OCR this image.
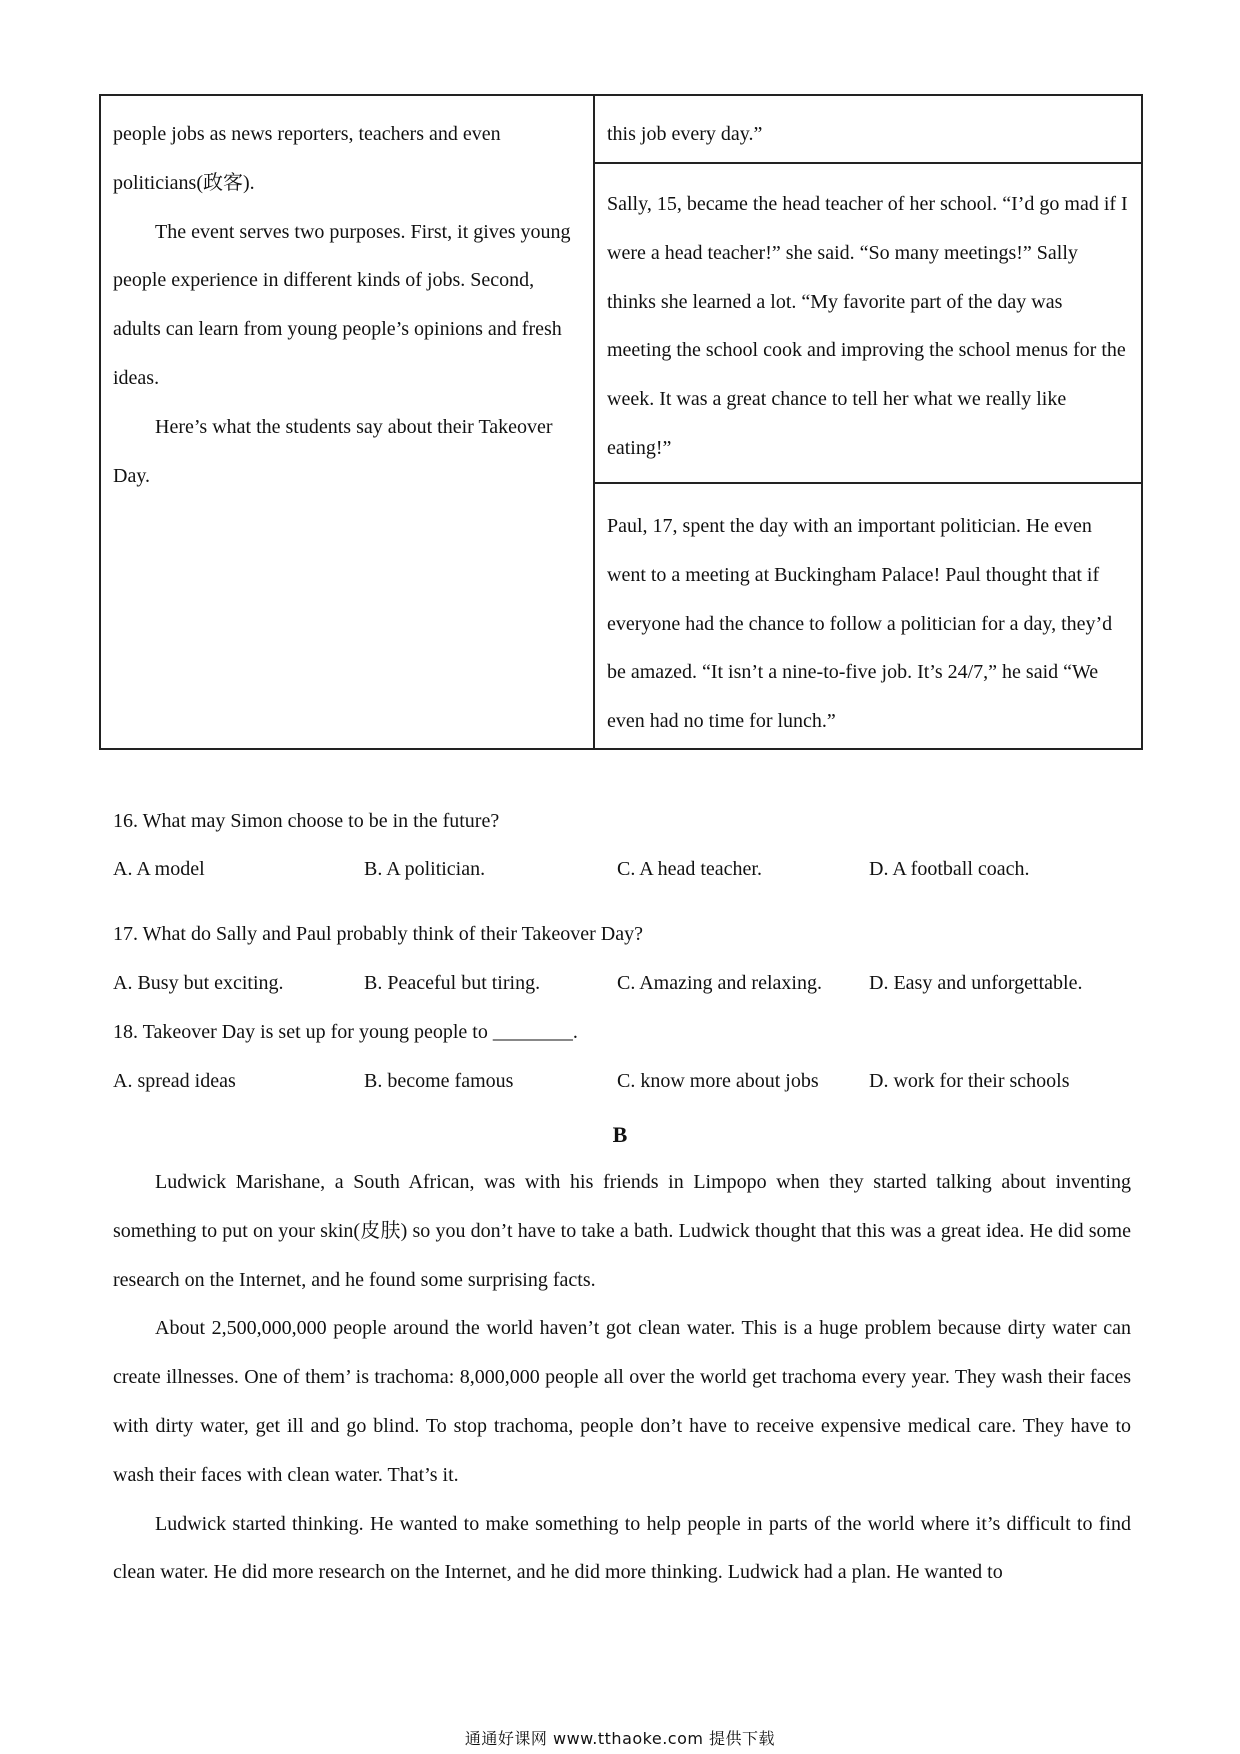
people jobs as news reporters, teachers and even politicians(政客).

The event serves two purposes. First, it gives young people experience in different kinds of jobs. Second, adults can learn from young people’s opinions and fresh ideas.

Here’s what the students say about their Takeover Day.

this job every day.”

Sally, 15, became the head teacher of her school. “I’d go mad if I were a head teacher!” she said. “So many meetings!” Sally thinks she learned a lot. “My favorite part of the day was meeting the school cook and improving the school menus for the week. It was a great chance to tell her what we really like eating!”

Paul, 17, spent the day with an important politician. He even went to a meeting at Buckingham Palace! Paul thought that if everyone had the chance to follow a politician for a day, they’d be amazed. “It isn’t a nine-to-five job. It’s 24/7,” he said “We even had no time for lunch.”

16. What may Simon choose to be in the future?
A. A model	B. A politician.	C. A head teacher.	D. A football coach.
17. What do Sally and Paul probably think of their Takeover Day?
A. Busy but exciting.	B. Peaceful but tiring.	C. Amazing and relaxing. D. Easy and unforgettable.
18. Takeover Day is set up for young people to ________.
A. spread ideas	B. become famous	C. know more about jobs	D. work for their schools
B

Ludwick Marishane, a South African, was with his friends in Limpopo when they started talking about inventing something to put on your skin(皮肤) so you don’t have to take a bath. Ludwick thought that this was a great idea. He did some research on the Internet, and he found some surprising facts.

About 2,500,000,000 people around the world haven’t got clean water. This is a huge problem because dirty water can create illnesses. One of them’ is trachoma: 8,000,000 people all over the world get trachoma every year. They wash their faces with dirty water, get ill and go blind. To stop trachoma, people don’t have to receive expensive medical care. They have to wash their faces with clean water. That’s it.

Ludwick started thinking. He wanted to make something to help people in parts of the world where it’s difficult to find clean water. He did more research on the Internet, and he did more thinking. Ludwick had a plan. He wanted to

通通好课网 www.tthaoke.com 提供下载
